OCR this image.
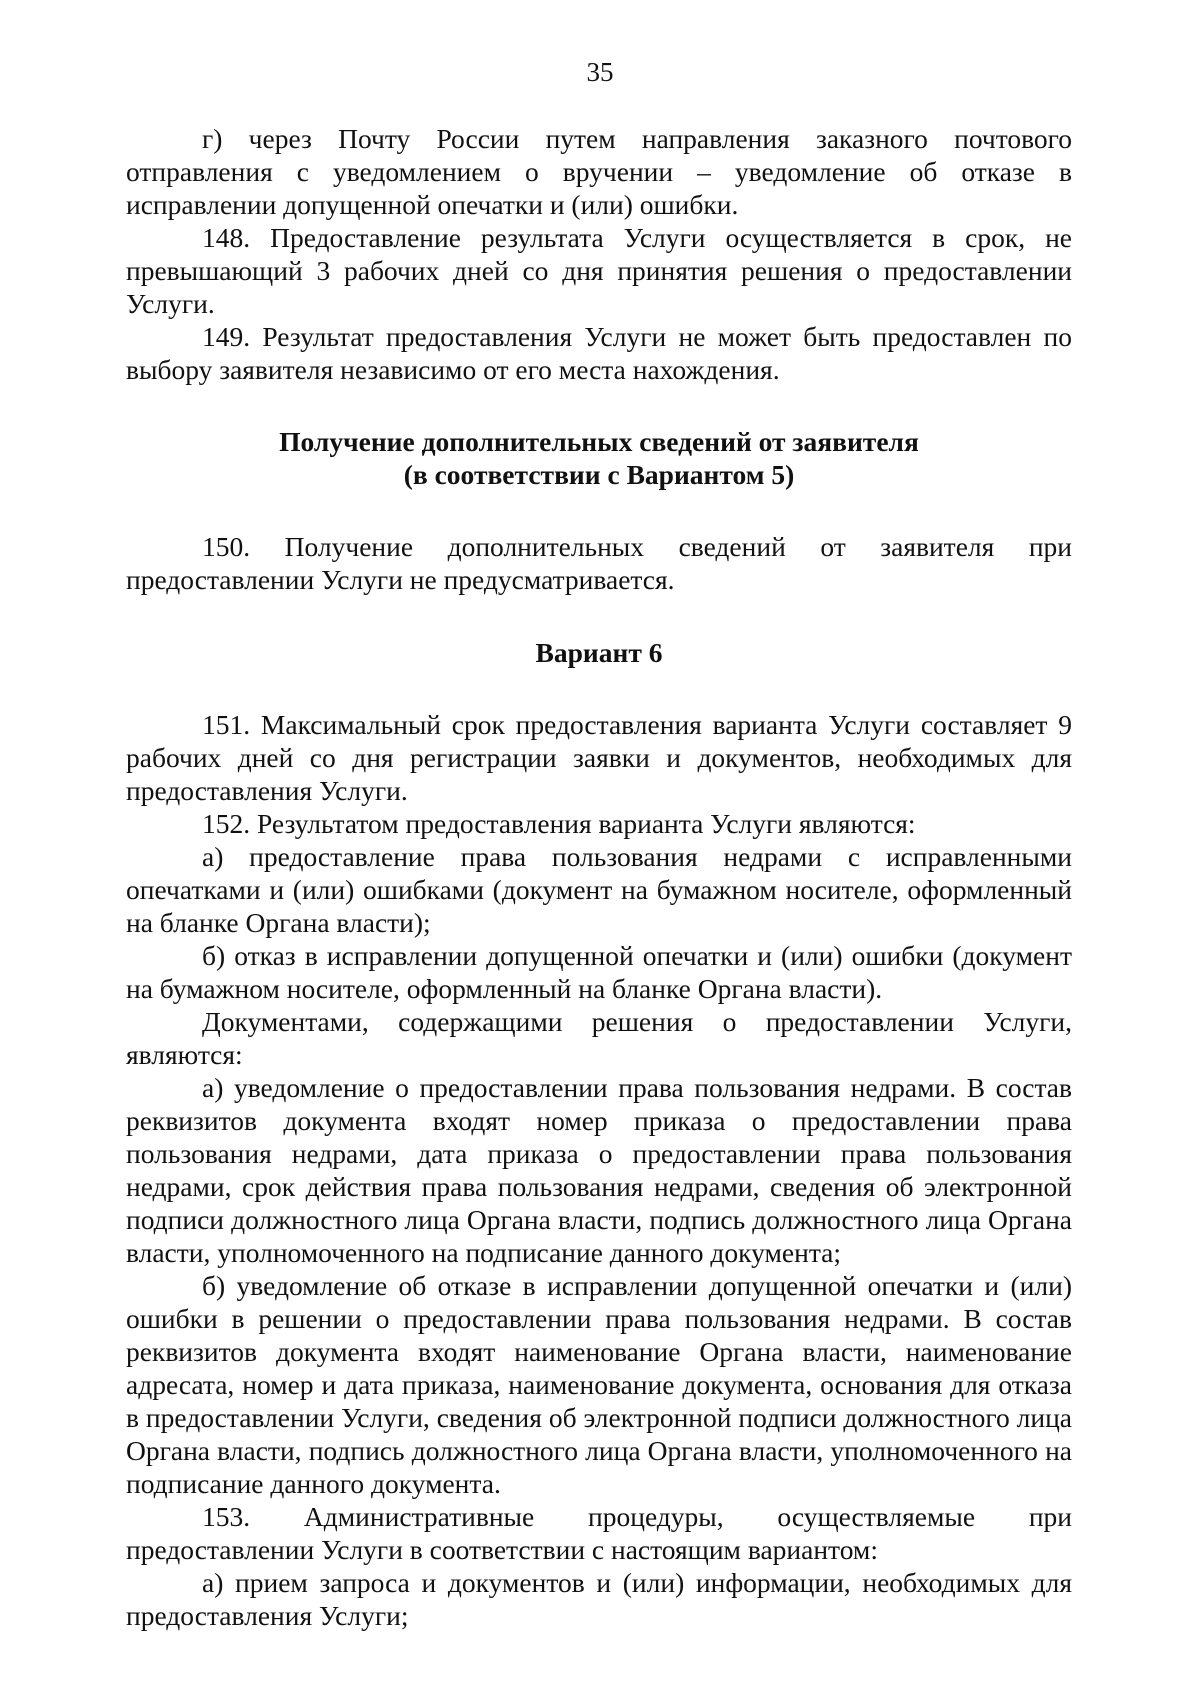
35

г) через Почту России путем направления заказного почтового отправления с уведомлением о вручении – уведомление об отказе в исправлении допущенной опечатки и (или) ошибки.

148. Предоставление результата Услуги осуществляется в срок, не превышающий 3 рабочих дней со дня принятия решения о предоставлении Услуги.

149. Результат предоставления Услуги не может быть предоставлен по выбору заявителя независимо от его места нахождения.

Получение дополнительных сведений от заявителя

(в соответствии с Вариантом 5)

150. Получение дополнительных сведений от заявителя при предоставлении Услуги не предусматривается.

Вариант 6

151. Максимальный срок предоставления варианта Услуги составляет 9 рабочих дней со дня регистрации заявки и документов, необходимых для предоставления Услуги.

152. Результатом предоставления варианта Услуги являются:

а) предоставление права пользования недрами с исправленными опечатками и (или) ошибками (документ на бумажном носителе, оформленный на бланке Органа власти);

б) отказ в исправлении допущенной опечатки и (или) ошибки (документ на бумажном носителе, оформленный на бланке Органа власти).

Документами, содержащими решения о предоставлении Услуги, являются:

а) уведомление о предоставлении права пользования недрами. В состав реквизитов документа входят номер приказа о предоставлении права пользования недрами, дата приказа о предоставлении права пользования недрами, срок действия права пользования недрами, сведения об электронной подписи должностного лица Органа власти, подпись должностного лица Органа власти, уполномоченного на подписание данного документа;

б) уведомление об отказе в исправлении допущенной опечатки и (или) ошибки в решении о предоставлении права пользования недрами. В состав реквизитов документа входят наименование Органа власти, наименование адресата, номер и дата приказа, наименование документа, основания для отказа в предоставлении Услуги, сведения об электронной подписи должностного лица Органа власти, подпись должностного лица Органа власти, уполномоченного на подписание данного документа.

153. Административные процедуры, осуществляемые при предоставлении Услуги в соответствии с настоящим вариантом:

а) прием запроса и документов и (или) информации, необходимых для предоставления Услуги;
